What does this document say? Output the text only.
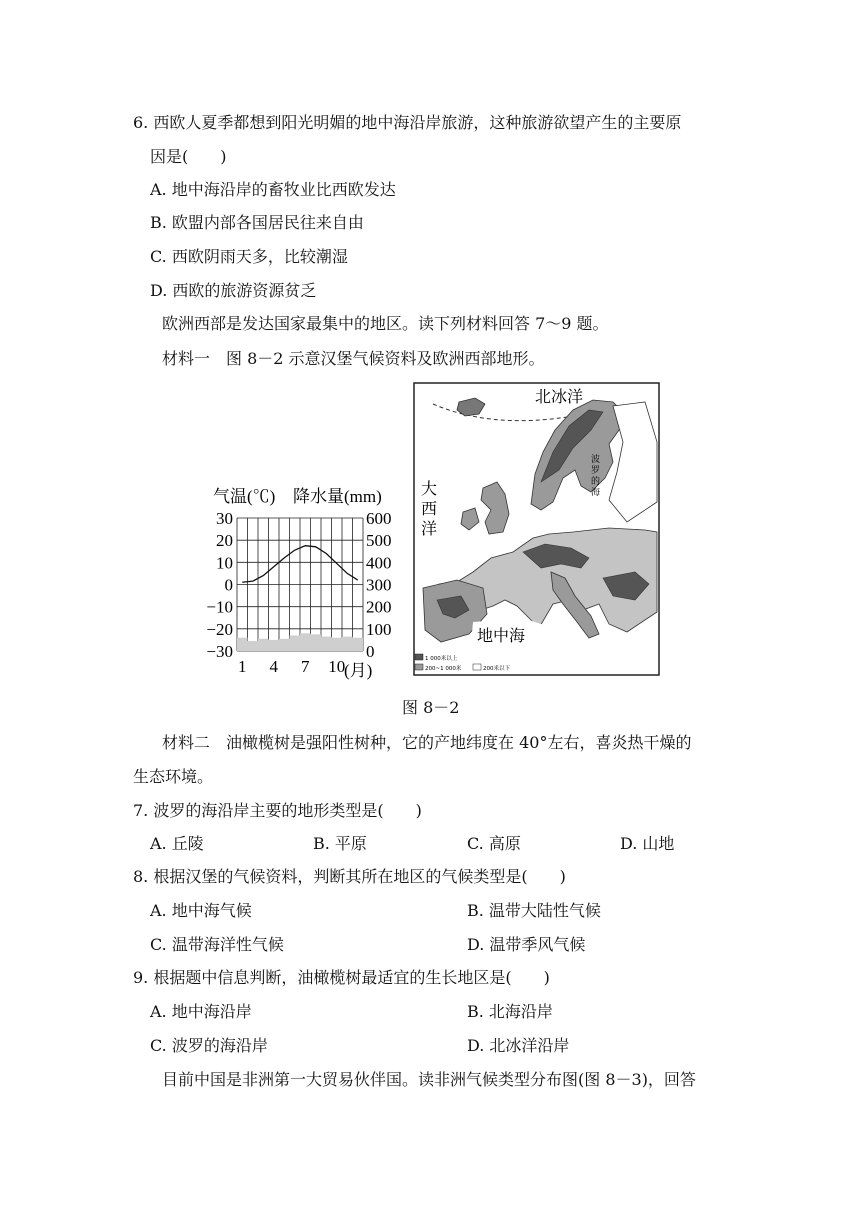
6. 西欧人夏季都想到阳光明媚的地中海沿岸旅游，这种旅游欲望产生的主要原
因是(　　)
A. 地中海沿岸的畜牧业比西欧发达
B. 欧盟内部各国居民往来自由
C. 西欧阴雨天多，比较潮湿
D. 西欧的旅游资源贫乏
欧洲西部是发达国家最集中的地区。读下列材料回答 7～9 题。
材料一　图 8－2 示意汉堡气候资料及欧洲西部地形。
气温(℃) 降水量(mm)
30
20
10
0
−10
−20
−30
600
500
400
300
200
100
0
1 4 7 10
(月)
北冰洋
大
西
洋
地中海
波
罗
的
海
1 000米以上
200~1 000米	200米以下
图 8－2
材料二　油橄榄树是强阳性树种，它的产地纬度在 40°左右，喜炎热干燥的
生态环境。
7. 波罗的海沿岸主要的地形类型是(　　)
A. 丘陵	B. 平原	C. 高原	D. 山地
8. 根据汉堡的气候资料，判断其所在地区的气候类型是(　　)
A. 地中海气候	B. 温带大陆性气候
C. 温带海洋性气候	D. 温带季风气候
9. 根据题中信息判断，油橄榄树最适宜的生长地区是(　　)
A. 地中海沿岸	B. 北海沿岸
C. 波罗的海沿岸	D. 北冰洋沿岸
目前中国是非洲第一大贸易伙伴国。读非洲气候类型分布图(图 8－3)，回答
